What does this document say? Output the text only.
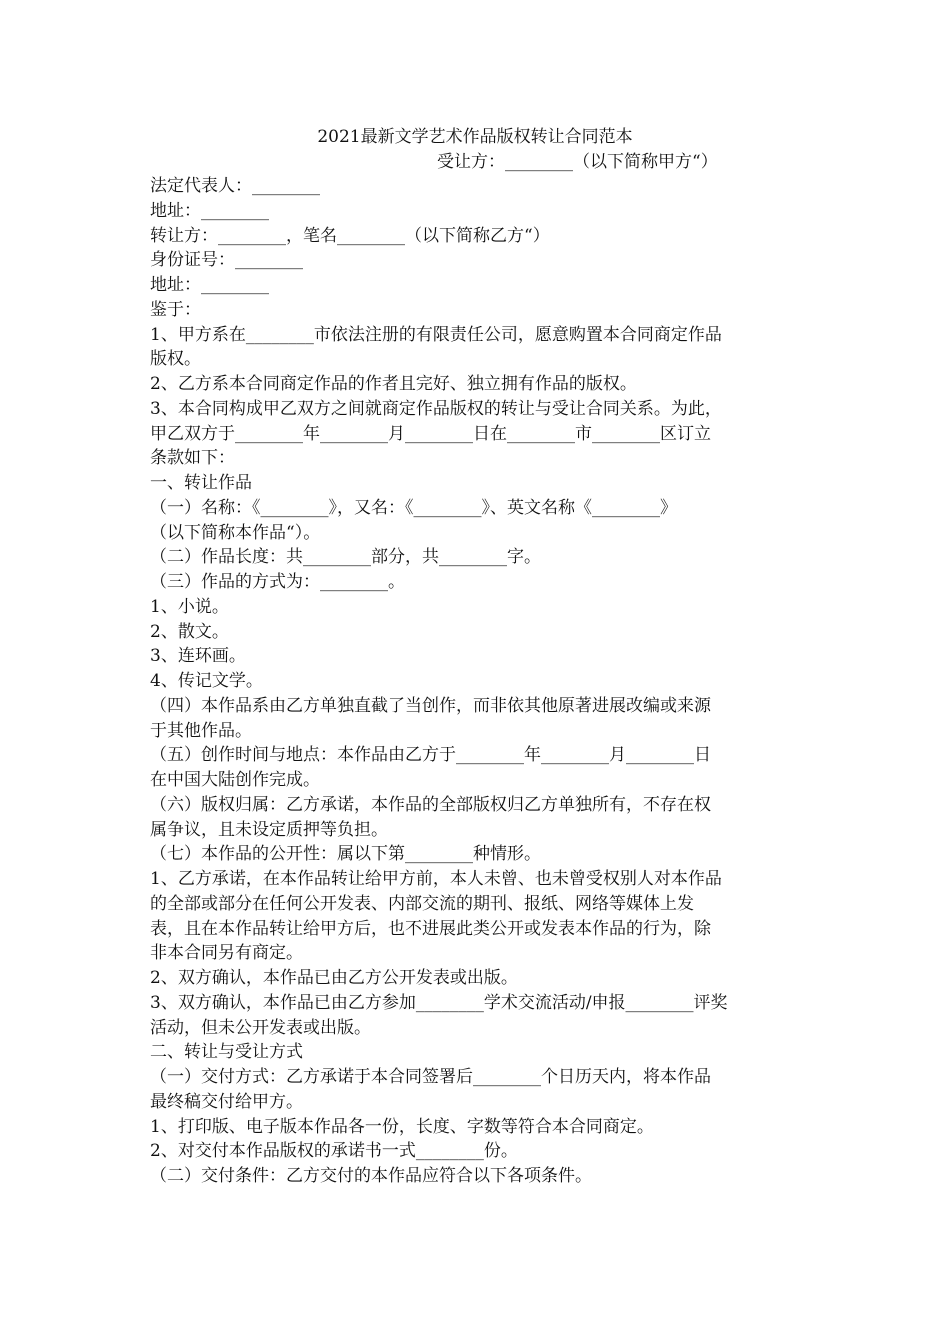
2021最新文学艺术作品版权转让合同范本
受让方：________（以下简称甲方“）
法定代表人：________
地址：________
转让方：________，笔名________（以下简称乙方“）
身份证号：________
地址：________
鉴于：
1、甲方系在________市依法注册的有限责任公司，愿意购置本合同商定作品
版权。
2、乙方系本合同商定作品的作者且完好、独立拥有作品的版权。
3、本合同构成甲乙双方之间就商定作品版权的转让与受让合同关系。为此，
甲乙双方于________年________月________日在________市________区订立
条款如下：
一、转让作品
（一）名称：《________》，又名：《________》、英文名称《________》
（以下简称本作品“）。
（二）作品长度：共________部分，共________字。
（三）作品的方式为：________。
1、小说。
2、散文。
3、连环画。
4、传记文学。
（四）本作品系由乙方单独直截了当创作，而非依其他原著进展改编或来源
于其他作品。
（五）创作时间与地点：本作品由乙方于________年________月________日
在中国大陆创作完成。
（六）版权归属：乙方承诺，本作品的全部版权归乙方单独所有，不存在权
属争议，且未设定质押等负担。
（七）本作品的公开性：属以下第________种情形。
1、乙方承诺，在本作品转让给甲方前，本人未曾、也未曾受权别人对本作品
的全部或部分在任何公开发表、内部交流的期刊、报纸、网络等媒体上发
表，且在本作品转让给甲方后，也不进展此类公开或发表本作品的行为，除
非本合同另有商定。
2、双方确认，本作品已由乙方公开发表或出版。
3、双方确认，本作品已由乙方参加________学术交流活动/申报________评奖
活动，但未公开发表或出版。
二、转让与受让方式
（一）交付方式：乙方承诺于本合同签署后________个日历天内，将本作品
最终稿交付给甲方。
1、打印版、电子版本作品各一份，长度、字数等符合本合同商定。
2、对交付本作品版权的承诺书一式________份。
（二）交付条件：乙方交付的本作品应符合以下各项条件。
